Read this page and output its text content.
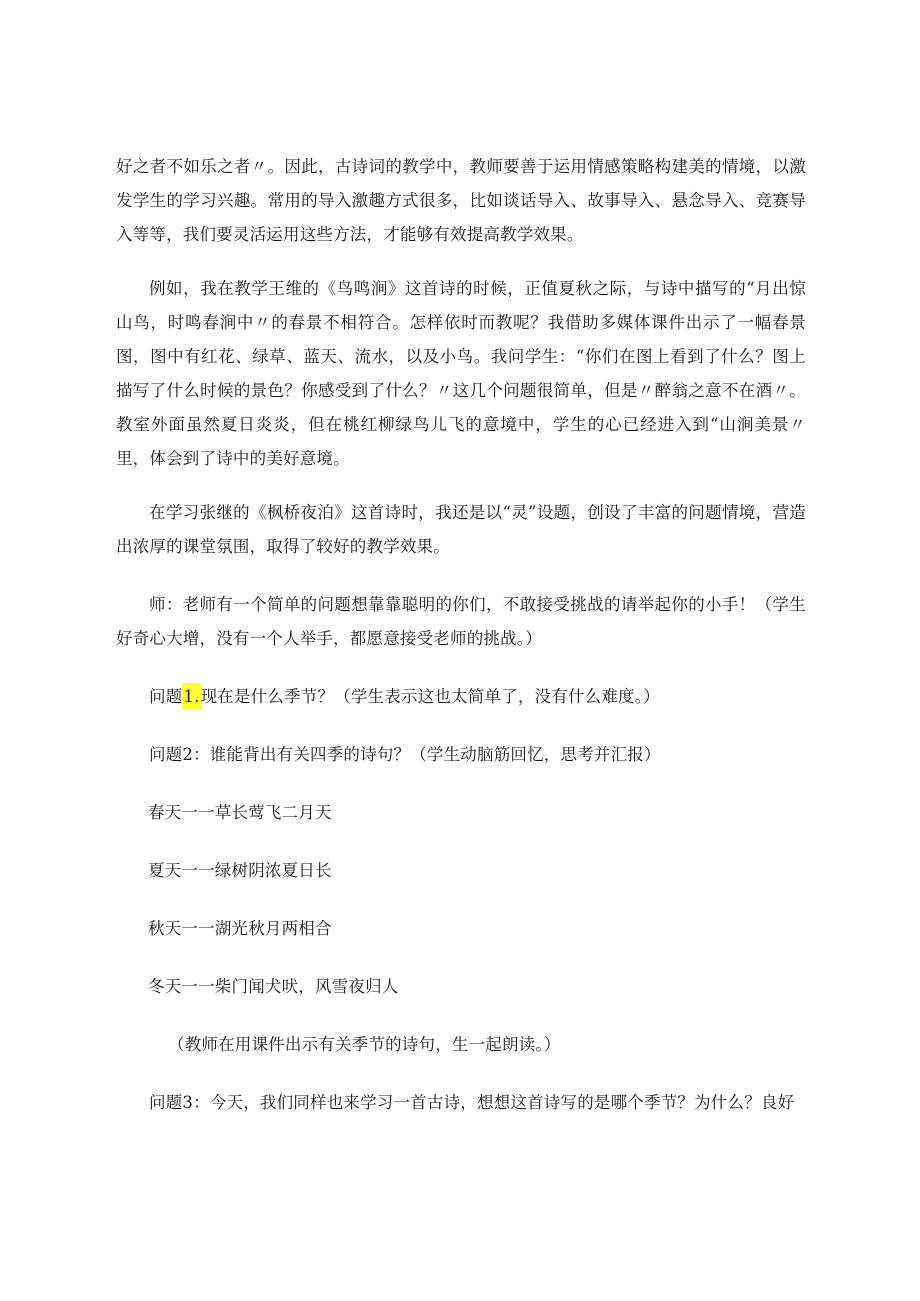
好之者不如乐之者〃。因此，古诗词的教学中，教师要善于运用情感策略构建美的情境，以激发学生的学习兴趣。常用的导入激趣方式很多，比如谈话导入、故事导入、悬念导入、竞赛导入等等，我们要灵活运用这些方法，才能够有效提高教学效果。

例如，我在教学王维的《鸟鸣涧》这首诗的时候，正值夏秋之际，与诗中描写的“月出惊山鸟，时鸣春涧中〃的春景不相符合。怎样依时而教呢？我借助多媒体课件出示了一幅春景图，图中有红花、绿草、蓝天、流水，以及小鸟。我问学生：“你们在图上看到了什么？图上描写了什么时候的景色？你感受到了什么？〃这几个问题很简单，但是〃醉翁之意不在酒〃。教室外面虽然夏日炎炎，但在桃红柳绿鸟儿飞的意境中，学生的心已经进入到“山涧美景〃里，体会到了诗中的美好意境。

在学习张继的《枫桥夜泊》这首诗时，我还是以“灵”设题，创设了丰富的问题情境，营造出浓厚的课堂氛围，取得了较好的教学效果。

师：老师有一个简单的问题想靠靠聪明的你们，不敢接受挑战的请举起你的小手！（学生好奇心大增，没有一个人举手，都愿意接受老师的挑战。）

问题1.现在是什么季节？（学生表示这也太简单了，没有什么难度。）

问题2：谁能背出有关四季的诗句？（学生动脑筋回忆，思考并汇报）

春天一一草长莺飞二月天

夏天一一绿树阴浓夏日长

秋天一一湖光秋月两相合

冬天一一柴门闻犬吠，风雪夜归人

（教师在用课件出示有关季节的诗句，生一起朗读。）

问题3：今天，我们同样也来学习一首古诗，想想这首诗写的是哪个季节？为什么？良好
